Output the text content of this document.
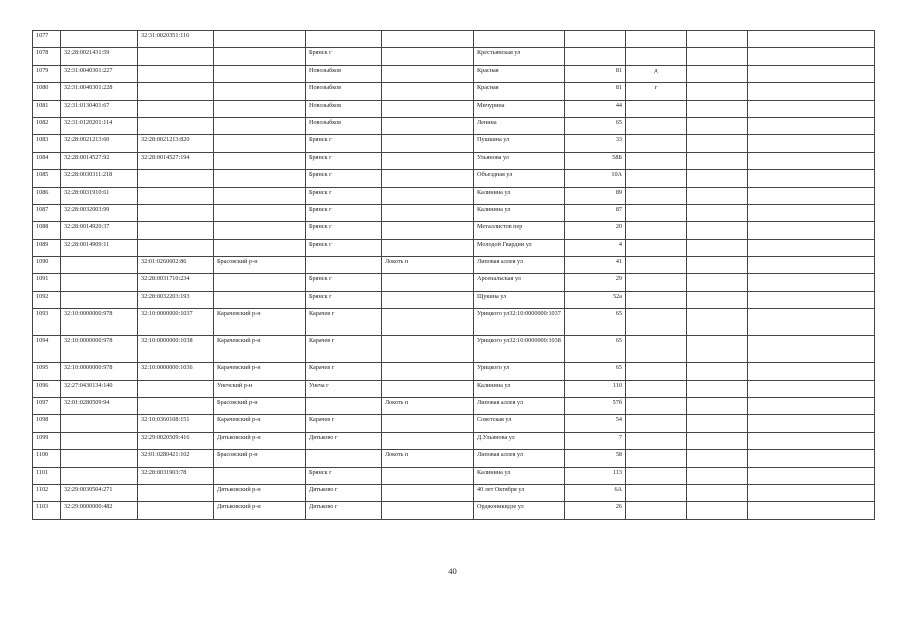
1077		32:31:0020351:116								
1078	32:28:0021431:59			Брянск г		Крестьянская ул				
1079	32:31:0040301:227			Новозыбков		Красная	81	д		
1080	32:31:0040301:228			Новозыбков		Красная	81	г		
1081	32:31:0130401:67			Новозыбков		Мичурина	44			
1082	32:31:0120201:114			Новозыбков		Ленина	65			
1083	32:28:0021213:60	32:28:0021213:820		Брянск г		Пушкина ул	33			
1084	32:28:0014527:92	32:28:0014527:194		Брянск г		Ульянова ул	58Б			
1085	32:28:0030311:218			Брянск г		Объездная ул	10А			
1086	32:28:0031910:61			Брянск г		Калинина ул	89			
1087	32:28:0032003:99			Брянск г		Калинина ул	87			
1088	32:28:0014920:37			Брянск г		Металлистов пер	20			
1089	32:28:0014909:11			Брянск г		Молодой Гвардии ул	4			
1090		32:01:0260602:86	Брасовский р-н		Локоть п	Липовая аллея ул	41			
1091		32:28:0031710:234		Брянск г		Арсенальская ул	29			
1092		32:28:0032203:193		Брянск г		Щукина ул	52а			
1093	32:10:0000000:978	32:10:0000000:1037	Карачевский р-н	Карачев г		Урицкого ул32:10:0000000:1037	65			
1094	32:10:0000000:978	32:10:0000000:1038	Карачевский р-н	Карачев г		Урицкого ул32:10:0000000:1038	65			
1095	32:10:0000000:978	32:10:0000000:1036	Карачевский р-н	Карачев г		Урицкого ул	65			
1096	32:27:0430134:140		Унечский р-н	Унеча г		Калинина ул	110			
1097	32:01:0280509:94		Брасовский р-н		Локоть п	Липовая аллея ул	57б			
1098		32:10:0360108:151	Карачевский р-н	Карачев г		Советская ул	54			
1099		32:29:0020509:416	Дятьковский р-н	Дятьково г		Д.Ульянова ул	7			
1100		32:01:0280421:102	Брасовский р-н		Локоть п	Липовая аллея ул	58			
1101		32:28:0031903:78		Брянск г		Калинина ул	113			
1102	32:29:0030504:271		Дятьковский р-н	Дятьково г		40 лет Октября ул	6А			
1103	32:29:0000000:482		Дятьковский р-н	Дятьково г		Орджоникидзе ул	26			
40
